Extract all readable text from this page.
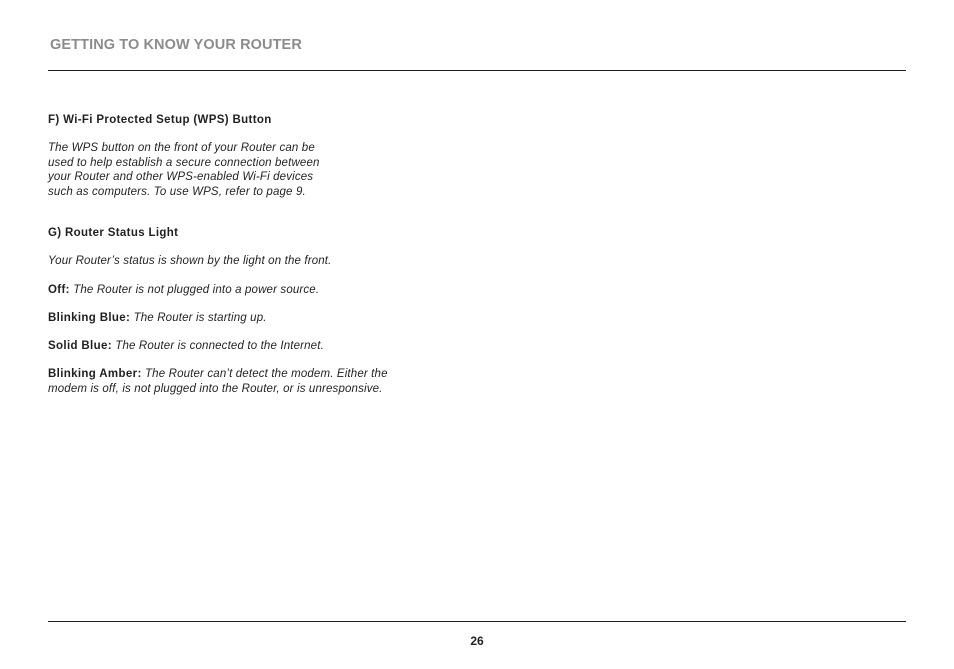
GETTING TO KNOW YOUR ROUTER
F) Wi-Fi Protected Setup (WPS) Button
The WPS button on the front of your Router can be
used to help establish a secure connection between
your Router and other WPS-enabled Wi-Fi devices
such as computers. To use WPS, refer to page 9.
G) Router Status Light
Your Router’s status is shown by the light on the front.
Off: The Router is not plugged into a power source.
Blinking Blue: The Router is starting up.
Solid Blue: The Router is connected to the Internet.
Blinking Amber: The Router can’t detect the modem. Either the
modem is off, is not plugged into the Router, or is unresponsive.
26
